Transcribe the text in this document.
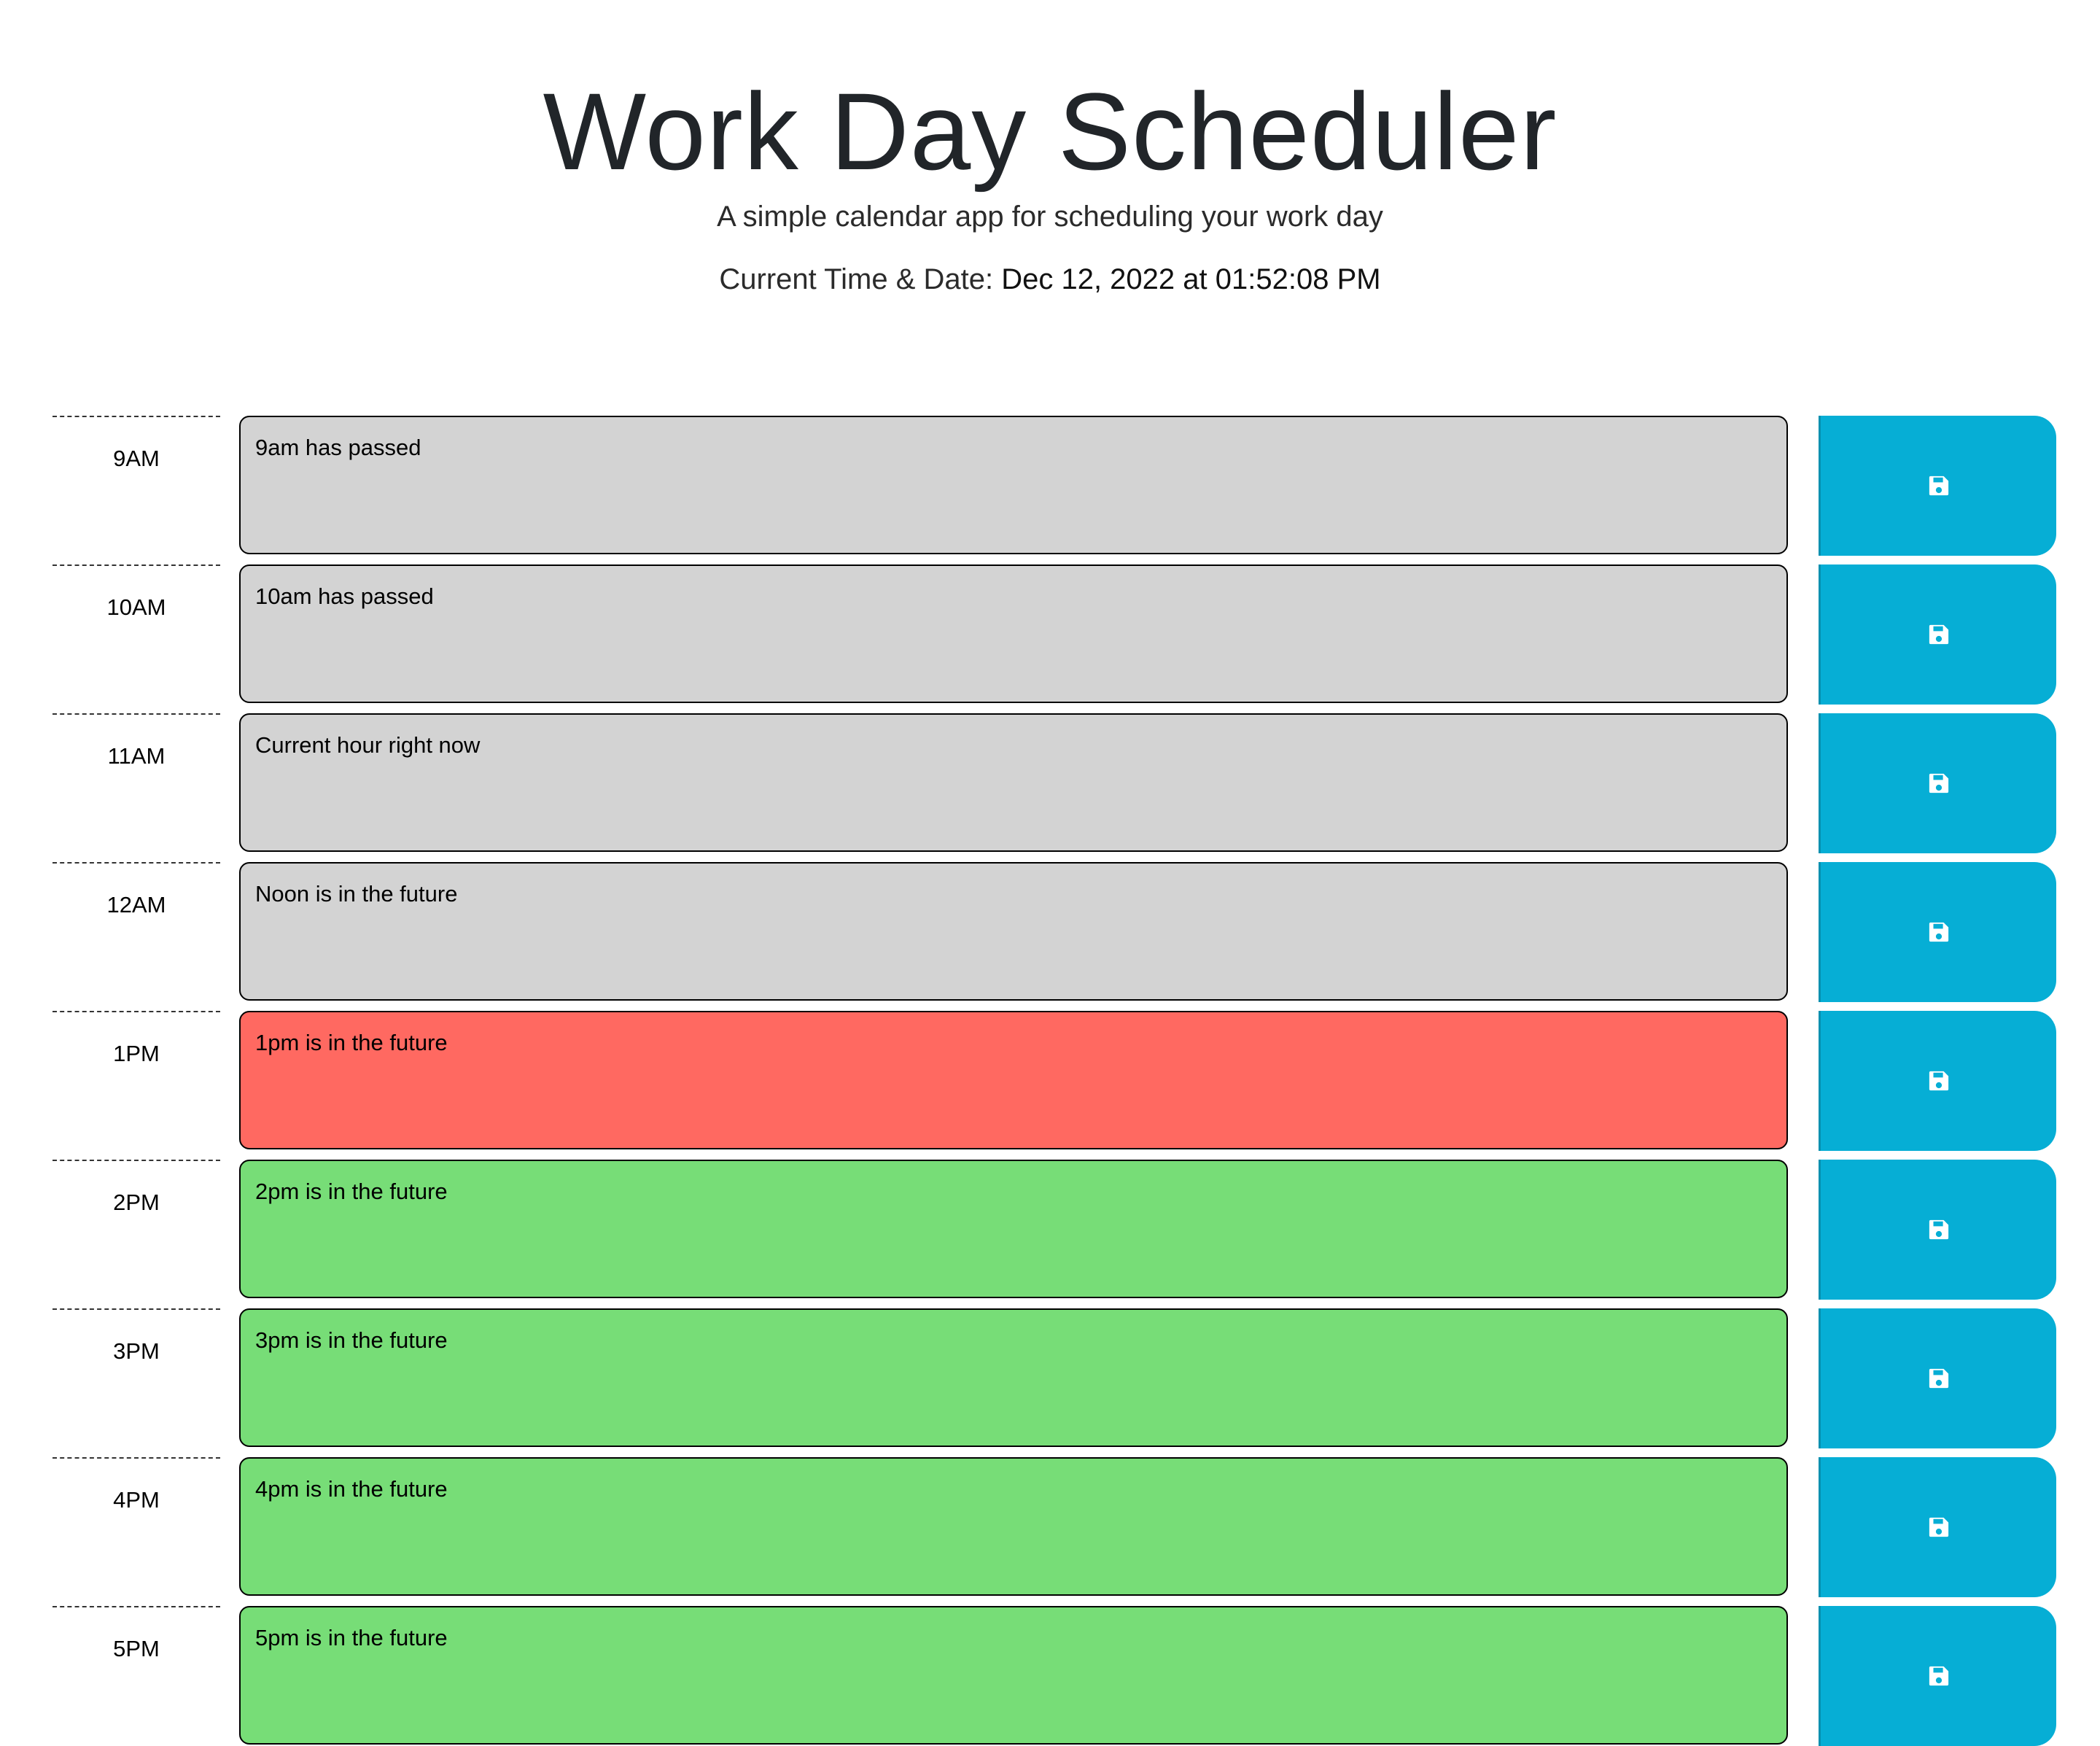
Work Day Scheduler

A simple calendar app for scheduling your work day

Current Time & Date: Dec 12, 2022 at 01:52:08 PM

9AM
9am has passed
10AM
10am has passed
11AM
Current hour right now
12AM
Noon is in the future
1PM
1pm is in the future
2PM
2pm is in the future
3PM
3pm is in the future
4PM
4pm is in the future
5PM
5pm is in the future
